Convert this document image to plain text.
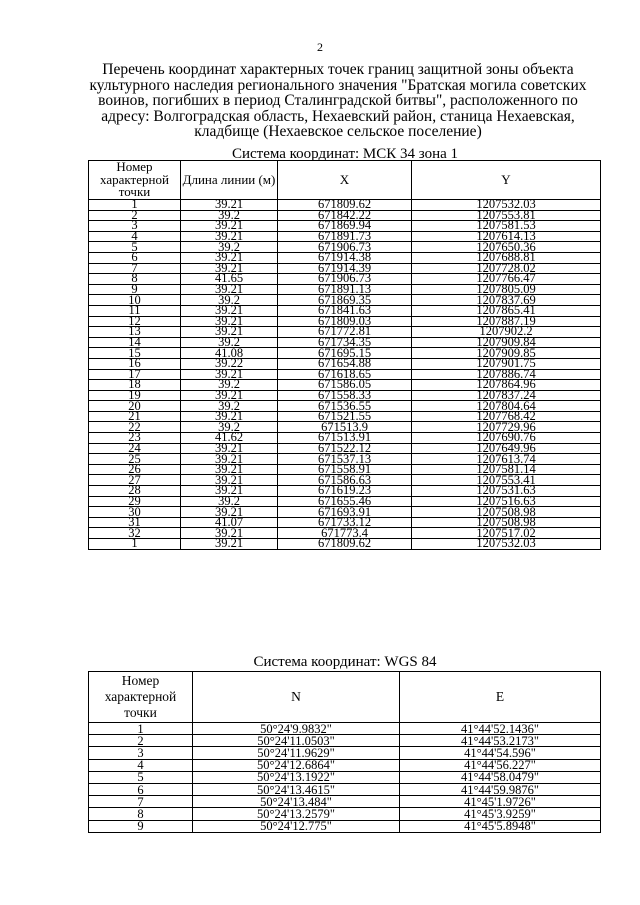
2
Перечень координат характерных точек границ защитной зоны объекта
культурного наследия регионального значения "Братская могила советских
воинов, погибших в период Сталинградской битвы", расположенного по
адресу: Волгоградская область, Нехаевский район, станица Нехаевская,
кладбище (Нехаевское сельское поселение)
Система координат: МСК 34 зона 1
Номер характерной точки	Длина линии (м)	X	Y
1	39.21	671809.62	1207532.03
2	39.2	671842.22	1207553.81
3	39.21	671869.94	1207581.53
4	39.21	671891.73	1207614.13
5	39.2	671906.73	1207650.36
6	39.21	671914.38	1207688.81
7	39.21	671914.39	1207728.02
8	41.65	671906.73	1207766.47
9	39.21	671891.13	1207805.09
10	39.2	671869.35	1207837.69
11	39.21	671841.63	1207865.41
12	39.21	671809.03	1207887.19
13	39.21	671772.81	1207902.2
14	39.2	671734.35	1207909.84
15	41.08	671695.15	1207909.85
16	39.22	671654.88	1207901.75
17	39.21	671618.65	1207886.74
18	39.2	671586.05	1207864.96
19	39.21	671558.33	1207837.24
20	39.2	671536.55	1207804.64
21	39.21	671521.55	1207768.42
22	39.2	671513.9	1207729.96
23	41.62	671513.91	1207690.76
24	39.21	671522.12	1207649.96
25	39.21	671537.13	1207613.74
26	39.21	671558.91	1207581.14
27	39.21	671586.63	1207553.41
28	39.21	671619.23	1207531.63
29	39.2	671655.46	1207516.63
30	39.21	671693.91	1207508.98
31	41.07	671733.12	1207508.98
32	39.21	671773.4	1207517.02
1	39.21	671809.62	1207532.03
Система координат: WGS 84
Номер характерной точки	N	E
1	50°24'9.9832"	41°44'52.1436"
2	50°24'11.0503"	41°44'53.2173"
3	50°24'11.9629"	41°44'54.596"
4	50°24'12.6864"	41°44'56.227"
5	50°24'13.1922"	41°44'58.0479"
6	50°24'13.4615"	41°44'59.9876"
7	50°24'13.484"	41°45'1.9726"
8	50°24'13.2579"	41°45'3.9259"
9	50°24'12.775"	41°45'5.8948"
